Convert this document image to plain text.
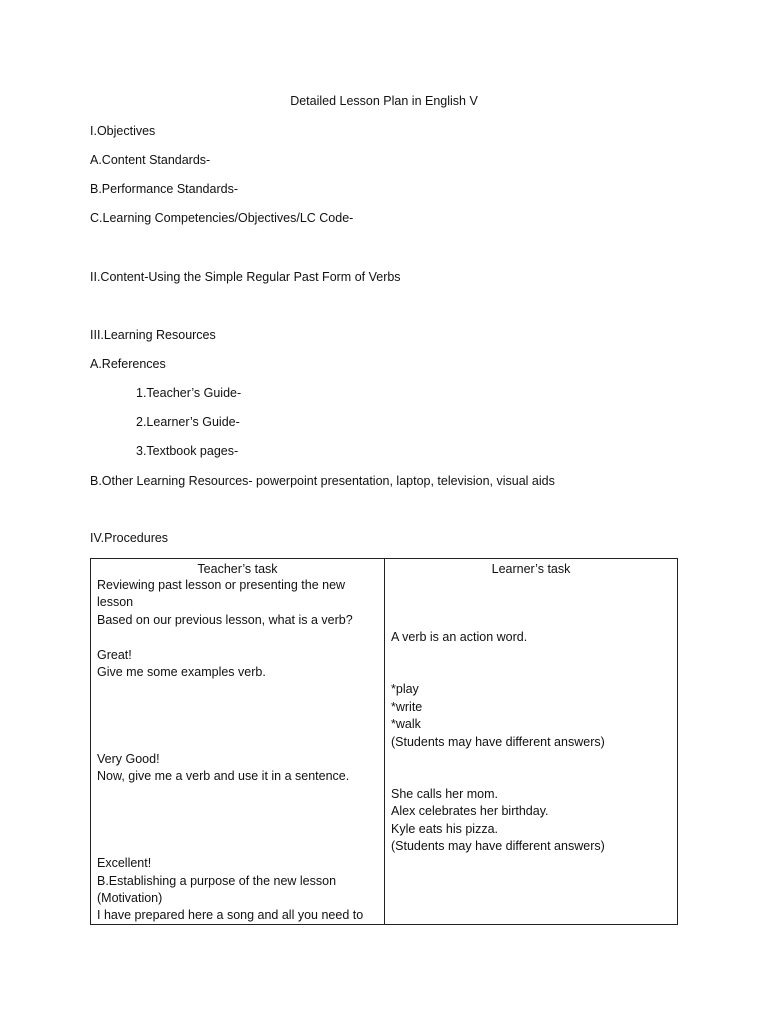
Detailed Lesson Plan in English V
I.Objectives
A.Content Standards-
B.Performance Standards-
C.Learning Competencies/Objectives/LC Code-
II.Content-Using the Simple Regular Past Form of Verbs
III.Learning Resources
A.References
1.Teacher’s Guide-
2.Learner’s Guide-
3.Textbook pages-
B.Other Learning Resources- powerpoint presentation, laptop, television, visual aids
IV.Procedures
Teacher’s task
Reviewing past lesson or presenting the new
lesson
Based on our previous lesson, what is a verb?
Great!
Give me some examples verb.
Very Good!
Now, give me a verb and use it in a sentence.
Excellent!
B.Establishing a purpose of the new lesson
(Motivation)
I have prepared here a song and all you need to
Learner’s task
A verb is an action word.
*play
*write
*walk
(Students may have different answers)
She calls her mom.
Alex celebrates her birthday.
Kyle eats his pizza.
(Students may have different answers)
